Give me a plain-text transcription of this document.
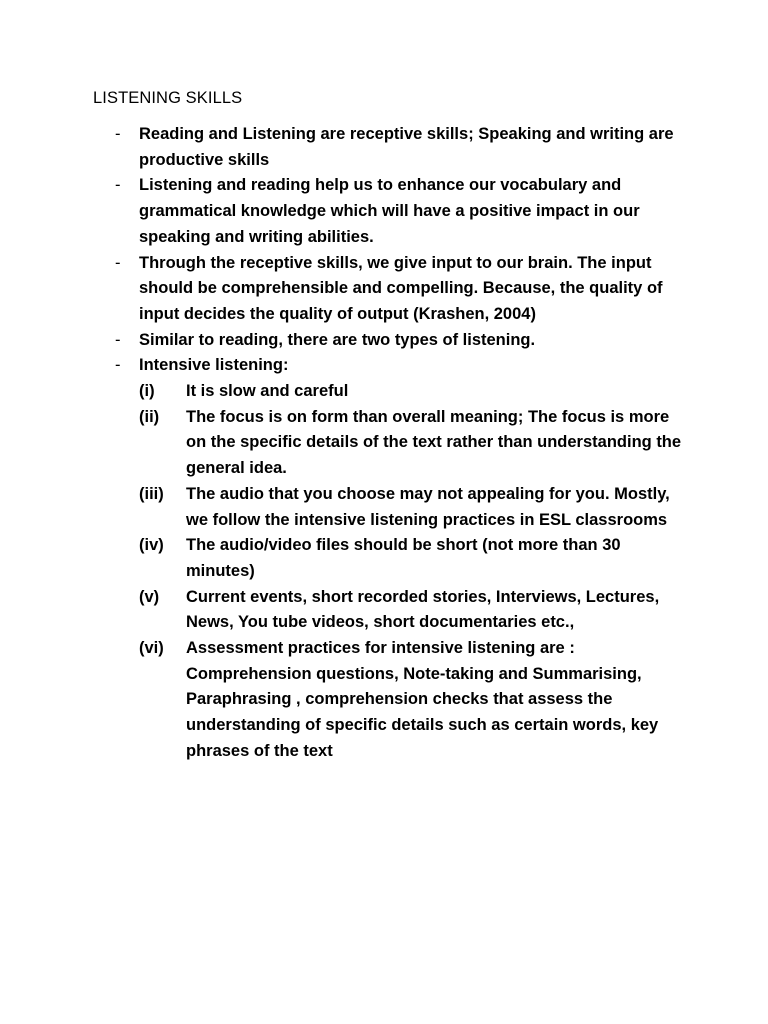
LISTENING SKILLS
- Reading and Listening are receptive skills; Speaking and writing are productive skills
- Listening and reading help us to enhance our vocabulary and grammatical knowledge which will have a positive impact in our speaking and writing abilities.
- Through the receptive skills, we give input to our brain. The input should be comprehensible and compelling. Because, the quality of input decides the quality of output (Krashen, 2004)
- Similar to reading, there are two types of listening.
- Intensive listening:
(i) It is slow and careful
(ii) The focus is on form than overall meaning; The focus is more on the specific details of the text rather than understanding the general idea.
(iii) The audio that you choose may not appealing for you. Mostly, we follow the intensive listening practices in ESL classrooms
(iv) The audio/video files should be short (not more than 30 minutes)
(v) Current events, short recorded stories, Interviews, Lectures, News, You tube videos, short documentaries etc.,
(vi) Assessment practices for intensive listening are : Comprehension questions, Note-taking and Summarising, Paraphrasing , comprehension checks that assess the understanding of specific details such as certain words, key phrases of the text
